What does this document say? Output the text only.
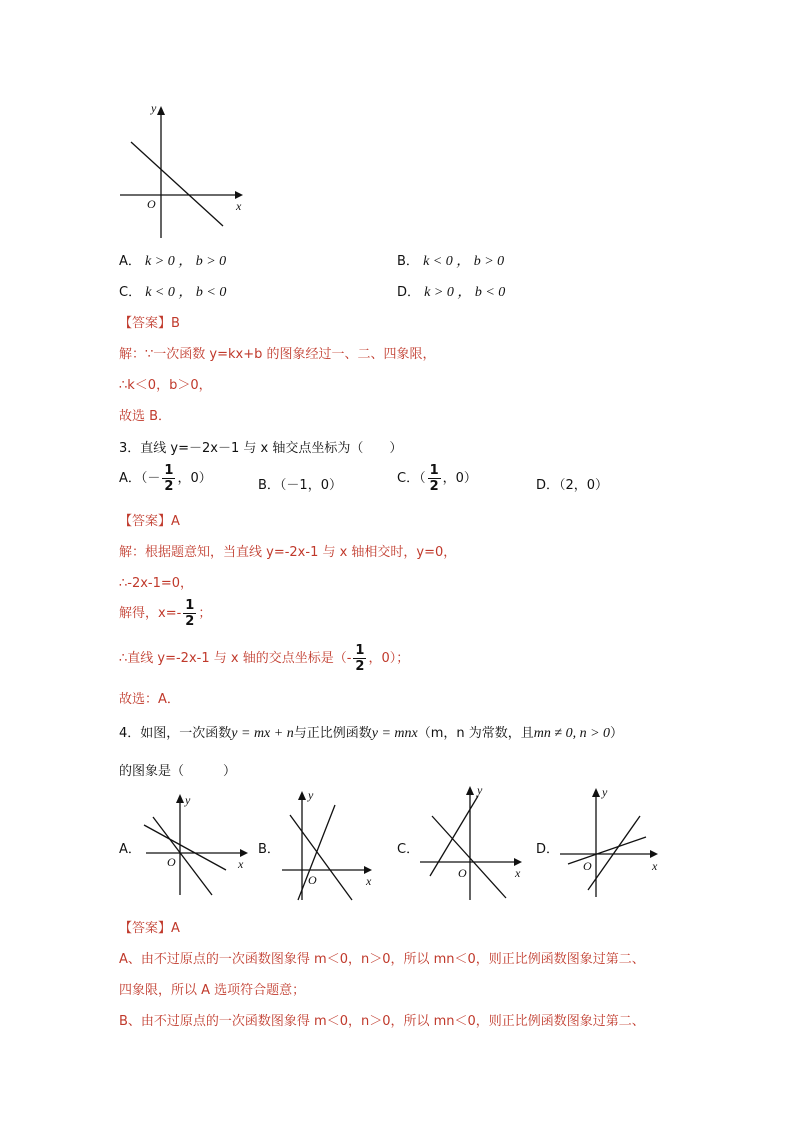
y
x
O
A． k > 0 ， b > 0	B． k < 0 ， b > 0
C． k < 0 ， b < 0	D． k > 0 ， b < 0
【答案】B
解：∵一次函数 y=kx+b 的图象经过一、二、四象限，
∴k＜0，b＞0，
故选 B．
3．直线 y=－2x－1 与 x 轴交点坐标为（　　）
A．（－ $\frac{1}{2}$ ，0）	B．（－1，0）	C．（ $\frac{1}{2}$ ，0）	D．（2，0）
【答案】A
解：根据题意知，当直线 y=-2x-1 与 x 轴相交时，y=0，
∴-2x-1=0，
解得，$x=- \frac{1}{2}$ ；
∴直线 y=-2x-1 与 x 轴的交点坐标是（- $\frac{1}{2}$ ，0）；
故选：A．
4．如图，一次函数y = mx + n与正比例函数y = mnx（m，n 为常数，且mn ≠ 0, n > 0）
的图象是（　　　）
A．	B．	C．	D．
y
x
O
y
x
O
y
x
O
y
x
O
【答案】A
A、由不过原点的一次函数图象得 m＜0，n＞0，所以 mn＜0，则正比例函数图象过第二、
四象限，所以 A 选项符合题意；
B、由不过原点的一次函数图象得 m＜0，n＞0，所以 mn＜0，则正比例函数图象过第二、
